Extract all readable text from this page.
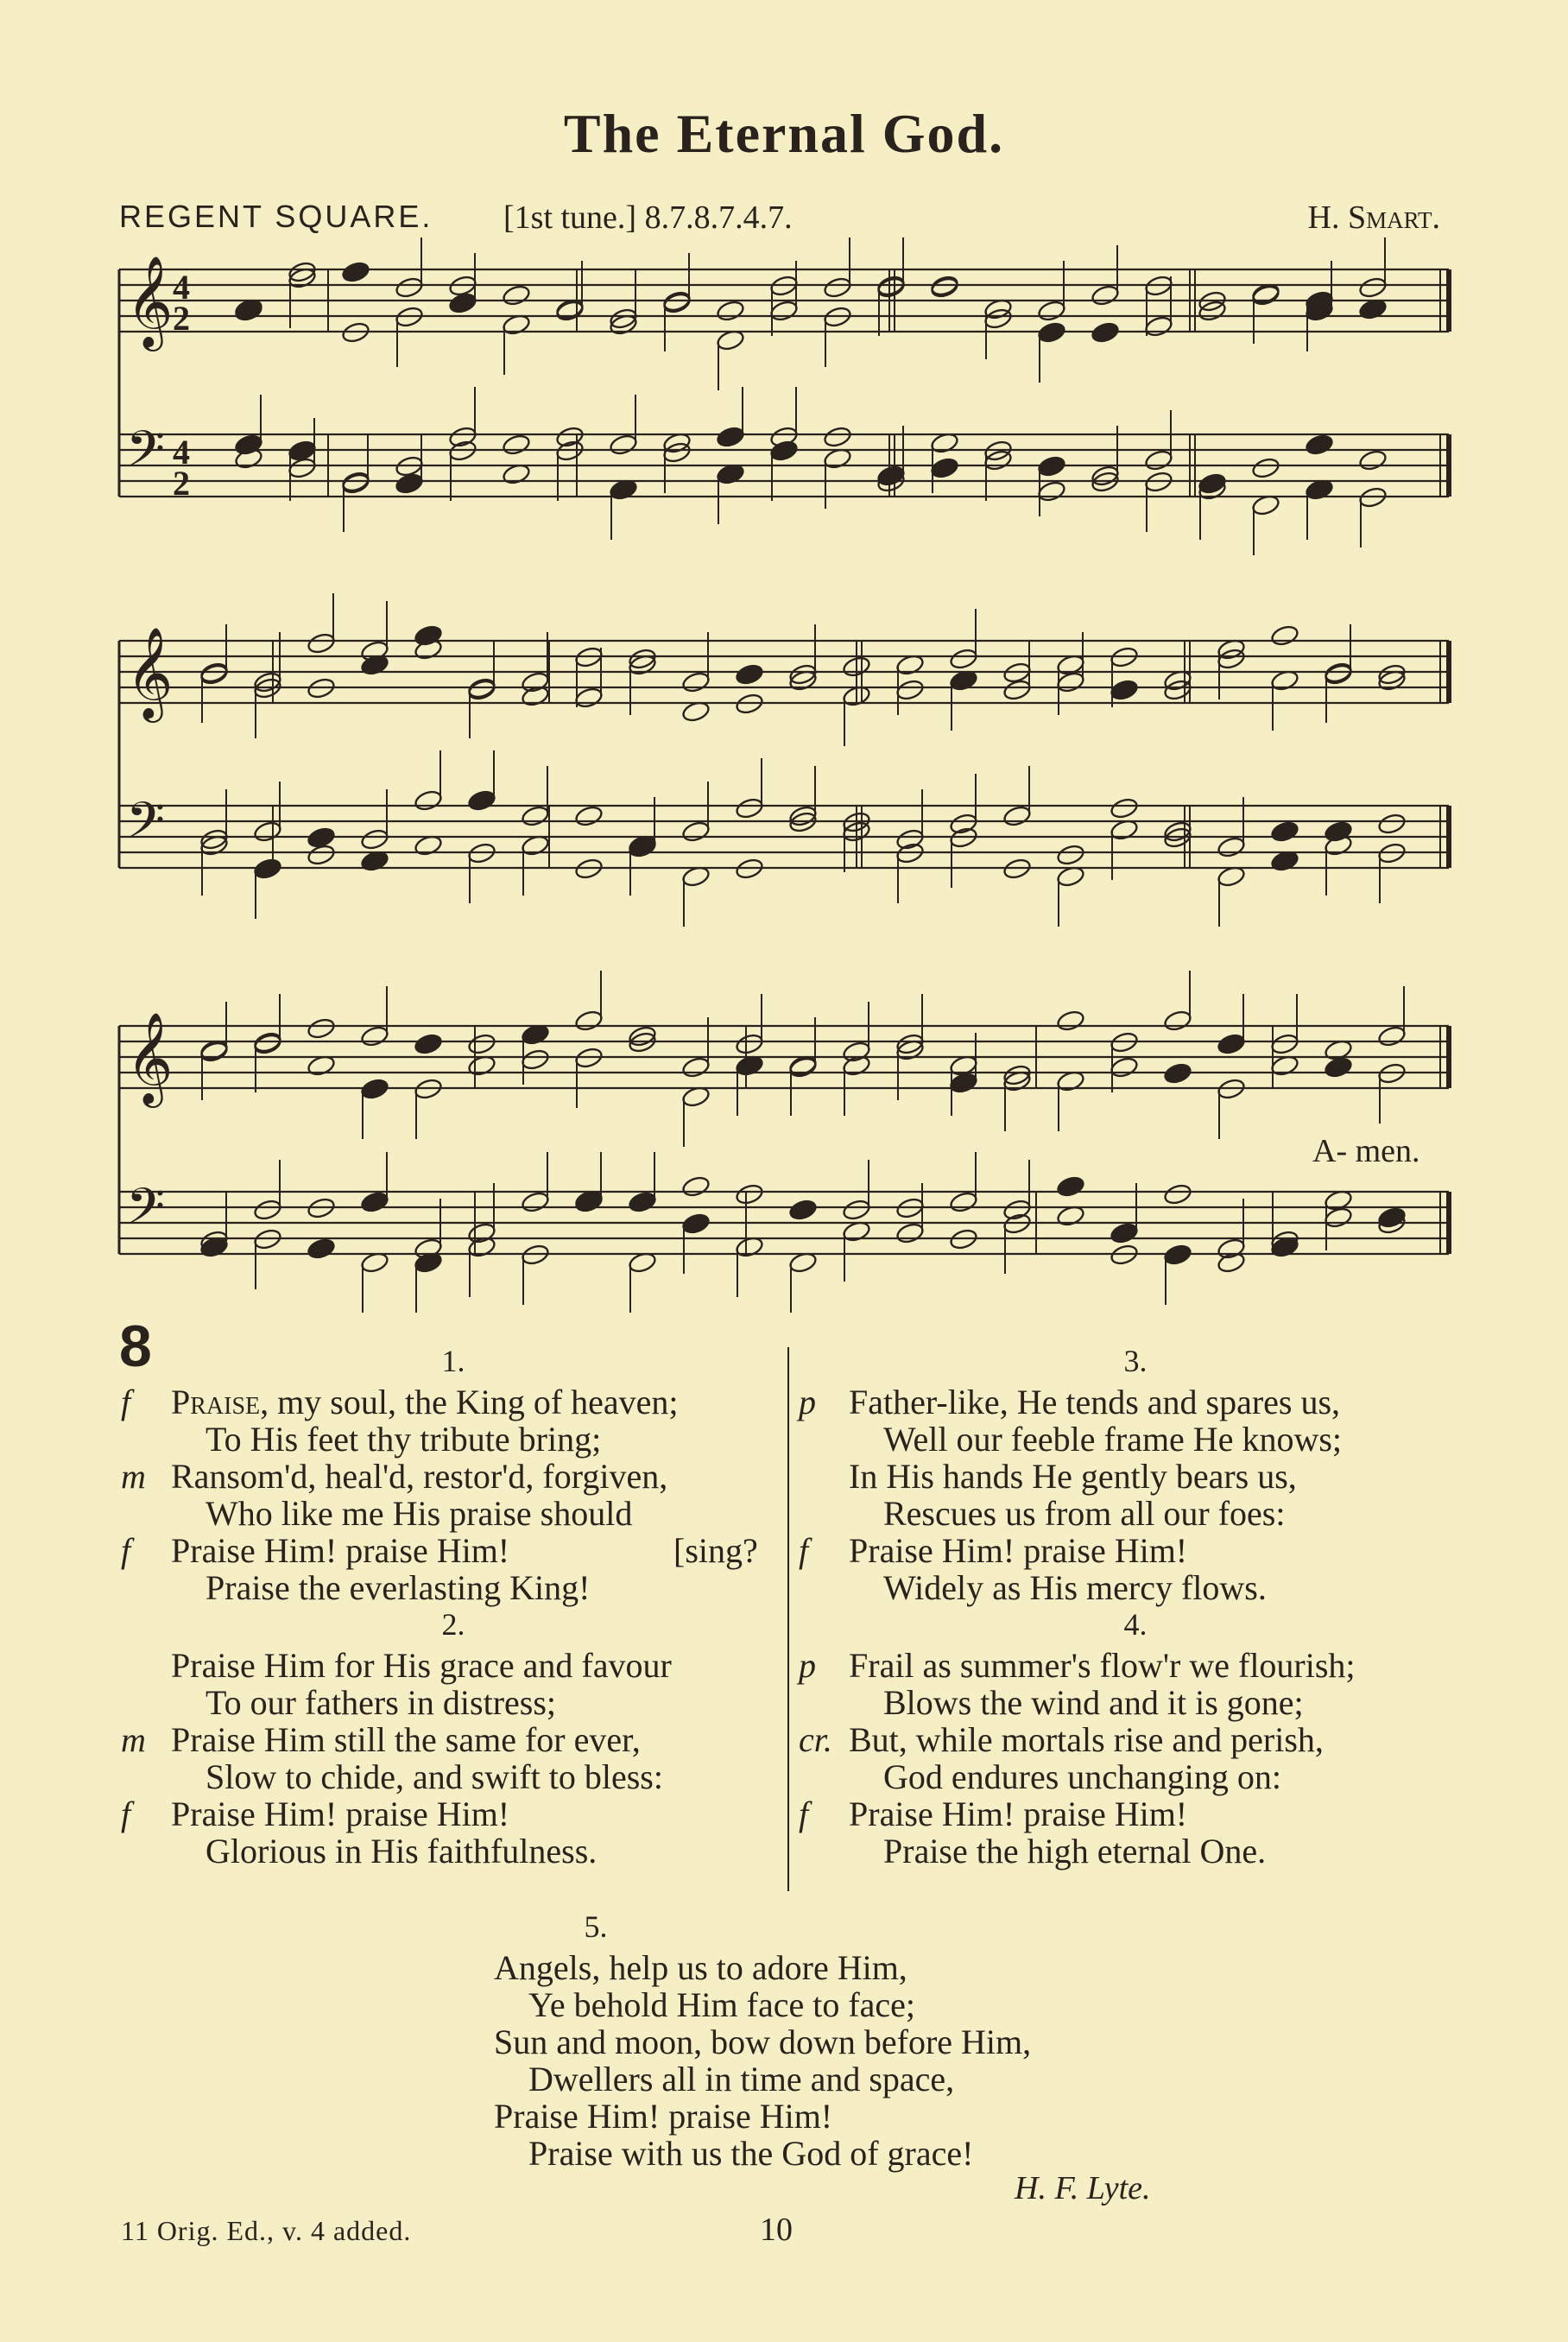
The Eternal God.
REGENT SQUARE. [1st tune.] 8.7.8.7.4.7.	H. Smart.
𝄞 4
2
𝄢 4
2
𝄞
𝄢
𝄞
𝄢
A- men.
8	1.
f Praise, my soul, the King of heaven;
To His feet thy tribute bring;
m Ransom'd, heal'd, restor'd, forgiven,
Who like me His praise should
f Praise Him! praise Him!	[sing?
Praise the everlasting King!
2.
Praise Him for His grace and favour
To our fathers in distress;
m Praise Him still the same for ever,
Slow to chide, and swift to bless:
f Praise Him! praise Him!
Glorious in His faithfulness.
3.
p Father-like, He tends and spares us,
Well our feeble frame He knows;
In His hands He gently bears us,
Rescues us from all our foes:
f Praise Him! praise Him!
Widely as His mercy flows.
4.
p Frail as summer's flow'r we flourish;
Blows the wind and it is gone;
cr. But, while mortals rise and perish,
God endures unchanging on:
f Praise Him! praise Him!
Praise the high eternal One.
5.
Angels, help us to adore Him,
Ye behold Him face to face;
Sun and moon, bow down before Him,
Dwellers all in time and space,
Praise Him! praise Him!
Praise with us the God of grace!
H. F. Lyte.
11 Orig. Ed., v. 4 added.	10
